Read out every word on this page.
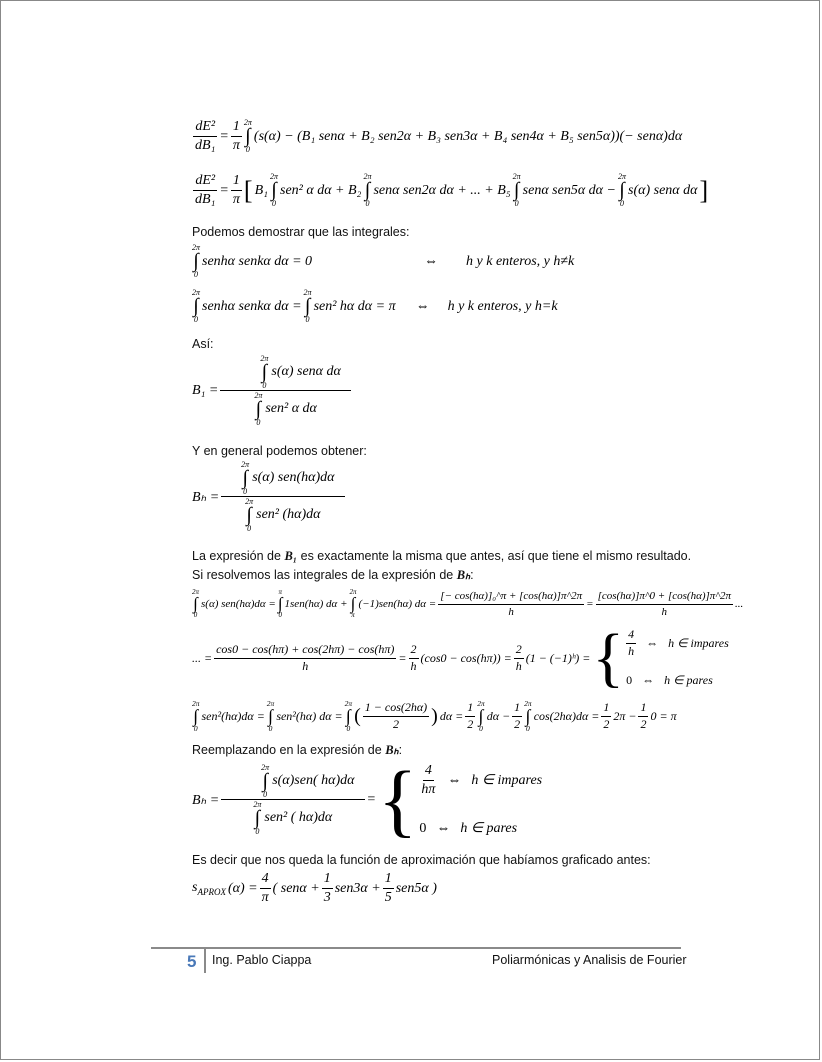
$\frac{\text{dE²}}{\text{dB₁}} = \frac{1}{\pi} 2\pi$
∫
0
(s(α) − (B₁ senα + B₂ sen2α + B₃ sen3α + B₄ sen4α + B₅ sen5α))(− senα)dα
$\frac{\text{dE²}}{\text{dB₁}} = \frac{1}{\pi}$ [ B₁
2π
∫
0
sen² α dα + B₂
2π
∫
0
senα sen2α dα + ... + B₅
2π
∫
0
senα sen5α dα −
2π
∫
0
s(α) senα dα ]
Podemos demostrar que las integrales:
2π
∫
0
senhα senkα dα = 0	⇔	h y k enteros, y h≠k
2π
∫
0
senhα senkα dα =
2π
∫
0
sen² hα dα = π	⇔	h y k enteros, y h=k
Así:
B₁ =
2π
∫
0
s(α) senα dα
2π
∫
0
sen² α dα
Y en general podemos obtener:
Bₕ =
2π
∫
0
s(α) sen(hα)dα
2π
∫
0
sen² (hα)dα
La expresión de B₁ es exactamente la misma que antes, así que tiene el mismo resultado.
Si resolvemos las integrales de la expresión de Bₕ:
2π
∫
0
s(α) sen(hα)dα =
π
∫
0
1sen(hα) dα +
2π
∫
π
(−1)sen(hα) $d\alpha = \frac{\text{[− cos(hα)]₀\textasciicircum{}π + [cos(hα)]π\textasciicircum{}2π}}{h} = \frac{[\cos(h\alpha)]\pi\^{}0 + [\cos(h\alpha)]\pi\^{}2\pi}{h}$ ...
... = $\frac{\cos 0 - \cos(h\pi) + \cos(2h\pi) - \cos(h\pi)}{h} = \frac{2}{h} (\cos 0 - \cos(h\pi)) = \frac{2}{h} (1$ − (−1)ʰ) = { $\frac{4}{h}$ ⇔ h ∈ impares
0 ⇔ h ∈ pares
2π
∫
0
sen²(hα)dα =
2π
∫
0
sen²(hα) dα =
2π
∫
0
( $\frac{1 - \cos(2h\alpha)}{2}$ ) $d\alpha = \frac{1}{2} 2\pi$
∫
0
$d\alpha - \frac{1}{2} 2\pi$
∫
0
$\cos(2h\alpha)d\alpha = \frac{1}{2} 2\pi - \frac{1}{2} 0 = \pi$
Reemplazando en la expresión de Bₕ:
Bₕ =
2π
∫
0
s(α)sen( hα)dα
2π
∫
0
sen² ( hα)dα
= { $\frac{4}{h\pi}$ ⇔ h ∈ impares
0 ⇔ h ∈ pares
Es decir que nos queda la función de aproximación que habíamos graficado antes:
$s_{APROX}$ $(\alpha) = \frac{4}{\pi}$ ( $sen\alpha + \frac{1}{3} sen3\alpha + \frac{1}{5} sen5\alpha$ )
5 Ing. Pablo Ciappa	Poliarmónicas y Analisis de Fourier
